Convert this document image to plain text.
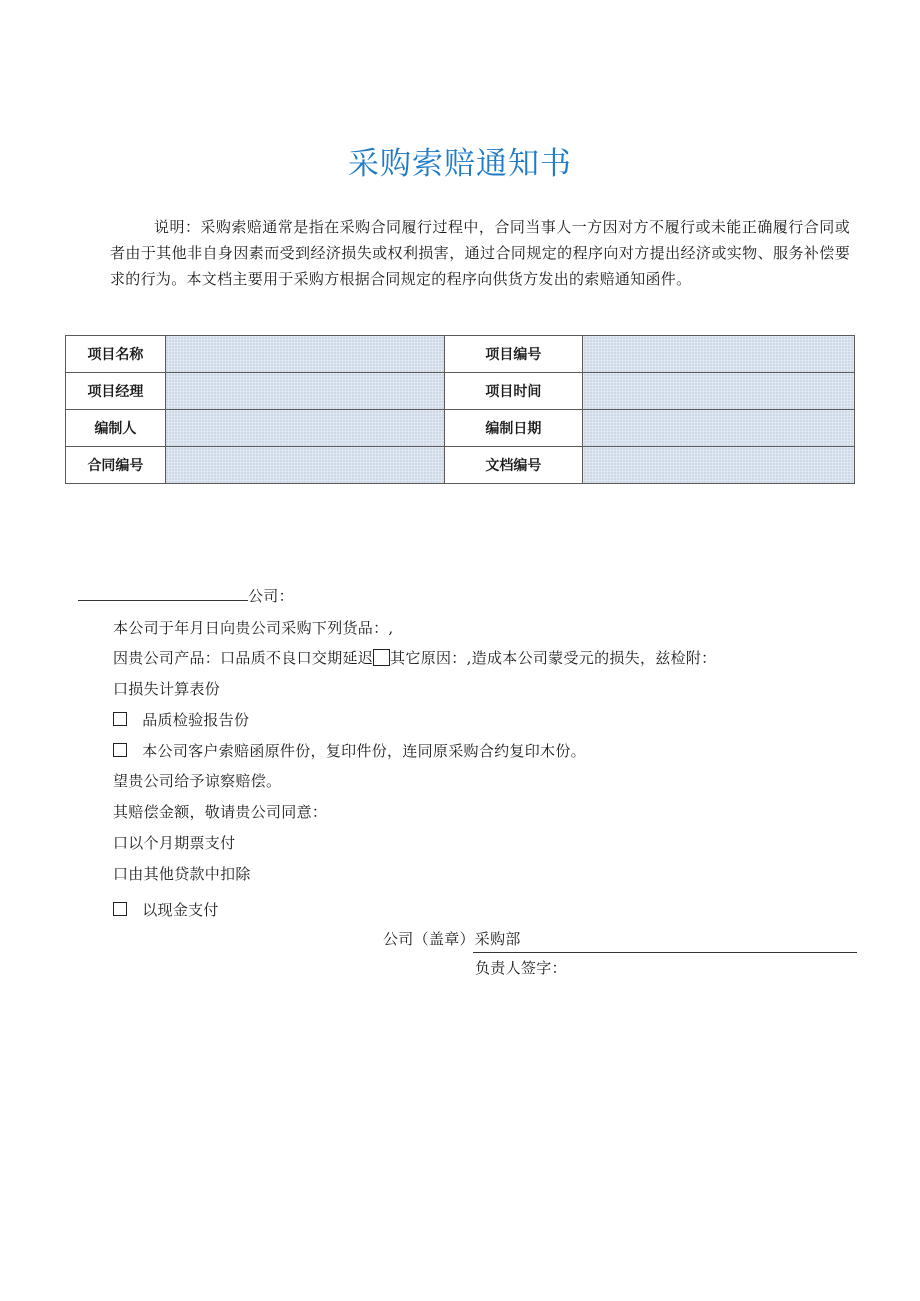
采购索赔通知书
说明：采购索赔通常是指在采购合同履行过程中，合同当事人一方因对方不履行或未能正确履行合同或者由于其他非自身因素而受到经济损失或权利损害，通过合同规定的程序向对方提出经济或实物、服务补偿要求的行为。本文档主要用于采购方根据合同规定的程序向供货方发出的索赔通知函件。
项目名称		项目编号	
项目经理		项目时间	
编制人		编制日期	
合同编号		文档编号	
公司：
本公司于年月日向贵公司采购下列货品：,
因贵公司产品：口品质不良口交期延迟 其它原因：,造成本公司蒙受元的损失，兹检附：
口损失计算表份
品质检验报告份
本公司客户索赔函原件份，复印件份，连同原采购合约复印木份。
望贵公司给予谅察赔偿。
其赔偿金额，敬请贵公司同意：
口以个月期票支付
口由其他贷款中扣除
以现金支付
公司（盖章）采购部
负责人签字：
